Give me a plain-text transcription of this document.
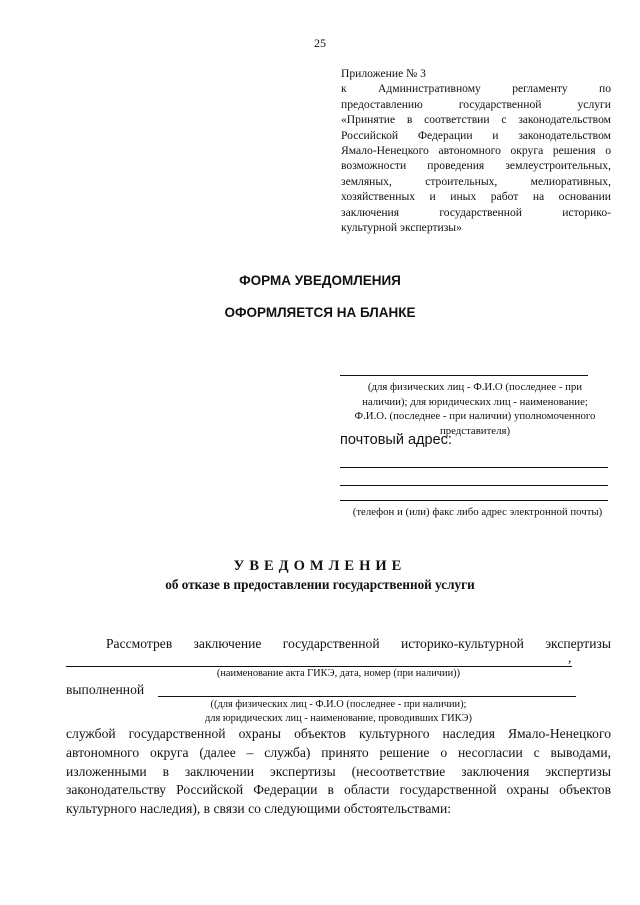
25
Приложение № 3
к Административному регламенту по
предоставлению государственной услуги
«Принятие в соответствии с законодательством
Российской Федерации и законодательством
Ямало-Ненецкого автономного округа решения о
возможности проведения землеустроительных,
земляных, строительных, мелиоративных,
хозяйственных и иных работ на основании
заключения государственной историко-
культурной экспертизы»
ФОРМА УВЕДОМЛЕНИЯ
ОФОРМЛЯЕТСЯ НА БЛАНКЕ
(для физических лиц - Ф.И.О (последнее - при
наличии); для юридических лиц - наименование;
Ф.И.О. (последнее - при наличии) уполномоченного
представителя)
почтовый адрес:
(телефон и (или) факс либо адрес электронной почты)
УВЕДОМЛЕНИЕ
об отказе в предоставлении государственной услуги
Рассмотрев заключение государственной историко-культурной экспертизы
,
(наименование акта ГИКЭ, дата, номер (при наличии))
выполненной
((для физических лиц - Ф.И.О (последнее - при наличии);
для юридических лиц - наименование, проводивших ГИКЭ)
службой государственной охраны объектов культурного наследия Ямало-Ненецкого автономного округа (далее – служба) принято решение о несогласии с выводами, изложенными в заключении экспертизы (несоответствие заключения экспертизы законодательству Российской Федерации в области государственной охраны объектов культурного наследия), в связи со следующими обстоятельствами:
